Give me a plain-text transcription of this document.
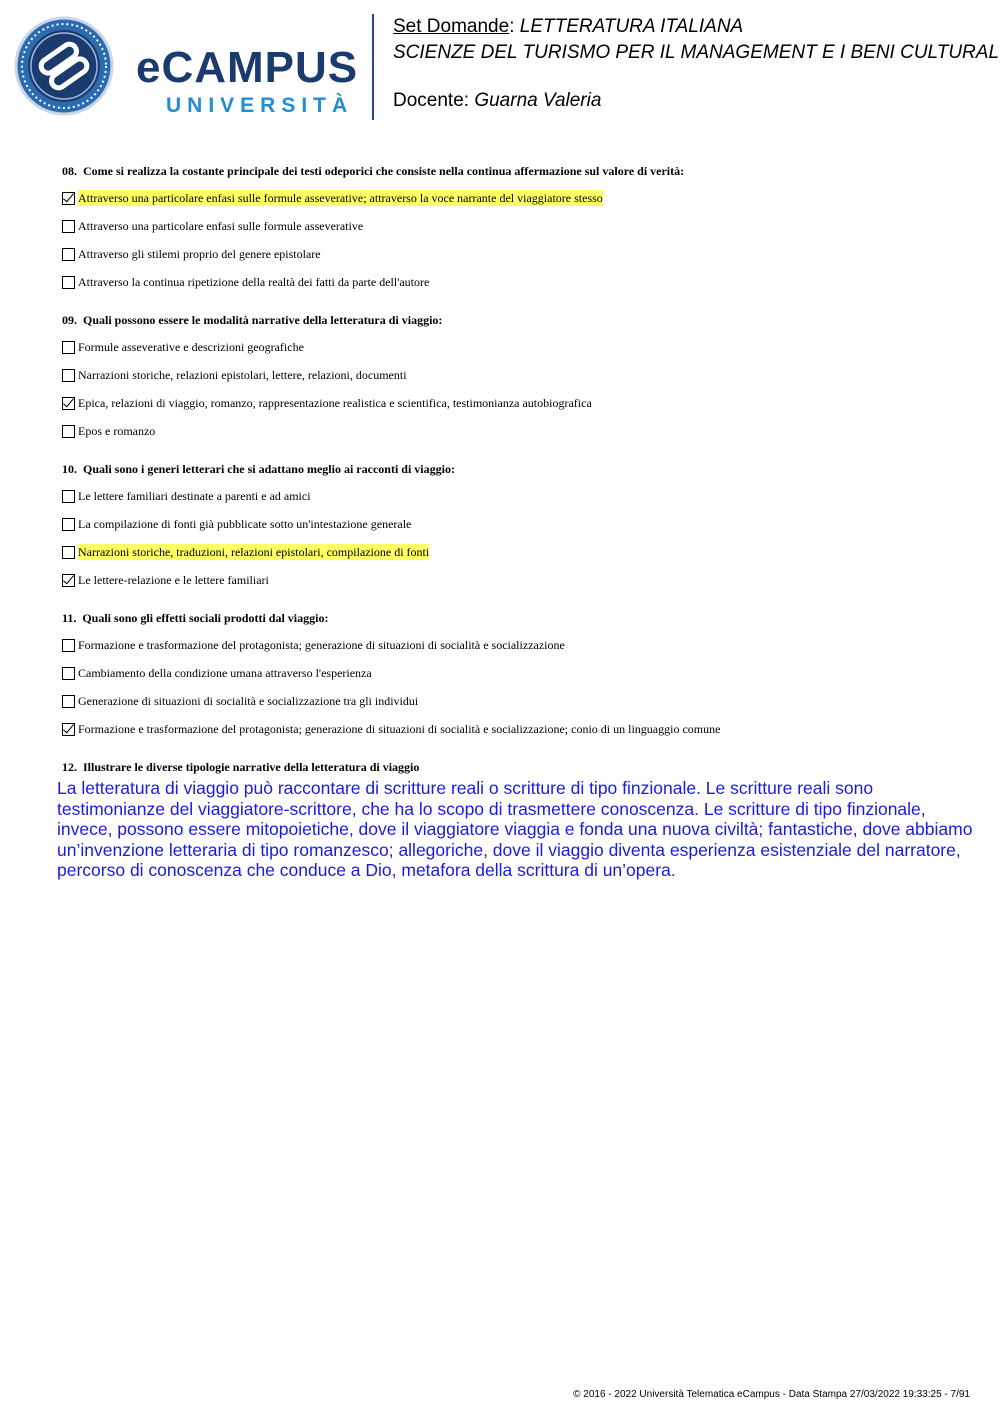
eCAMPUS
UNIVERSITÀ
Set Domande: LETTERATURA ITALIANA
SCIENZE DEL TURISMO PER IL MANAGEMENT E I BENI CULTURAL
Docente: Guarna Valeria
08. Come si realizza la costante principale dei testi odeporici che consiste nella continua affermazione sul valore di verità:
Attraverso una particolare enfasi sulle formule asseverative; attraverso la voce narrante del viaggiatore stesso
Attraverso una particolare enfasi sulle formule asseverative
Attraverso gli stilemi proprio del genere epistolare
Attraverso la continua ripetizione della realtà dei fatti da parte dell'autore
09. Quali possono essere le modalità narrative della letteratura di viaggio:
Formule asseverative e descrizioni geografiche
Narrazioni storiche, relazioni epistolari, lettere, relazioni, documenti
Epica, relazioni di viaggio, romanzo, rappresentazione realistica e scientifica, testimonianza autobiografica
Epos e romanzo
10. Quali sono i generi letterari che si adattano meglio ai racconti di viaggio:
Le lettere familiari destinate a parenti e ad amici
La compilazione di fonti già pubblicate sotto un'intestazione generale
Narrazioni storiche, traduzioni, relazioni epistolari, compilazione di fonti
Le lettere-relazione e le lettere familiari
11. Quali sono gli effetti sociali prodotti dal viaggio:
Formazione e trasformazione del protagonista; generazione di situazioni di socialità e socializzazione
Cambiamento della condizione umana attraverso l'esperienza
Generazione di situazioni di socialità e socializzazione tra gli individui
Formazione e trasformazione del protagonista; generazione di situazioni di socialità e socializzazione; conio di un linguaggio comune
12. Illustrare le diverse tipologie narrative della letteratura di viaggio
La letteratura di viaggio può raccontare di scritture reali o scritture di tipo finzionale. Le scritture reali sono testimonianze del viaggiatore-scrittore, che ha lo scopo di trasmettere conoscenza. Le scritture di tipo finzionale, invece, possono essere mitopoietiche, dove il viaggiatore viaggia e fonda una nuova civiltà; fantastiche, dove abbiamo un’invenzione letteraria di tipo romanzesco; allegoriche, dove il viaggio diventa esperienza esistenziale del narratore, percorso di conoscenza che conduce a Dio, metafora della scrittura di un’opera.
© 2016 - 2022 Università Telematica eCampus - Data Stampa 27/03/2022 19:33:25 - 7/91
